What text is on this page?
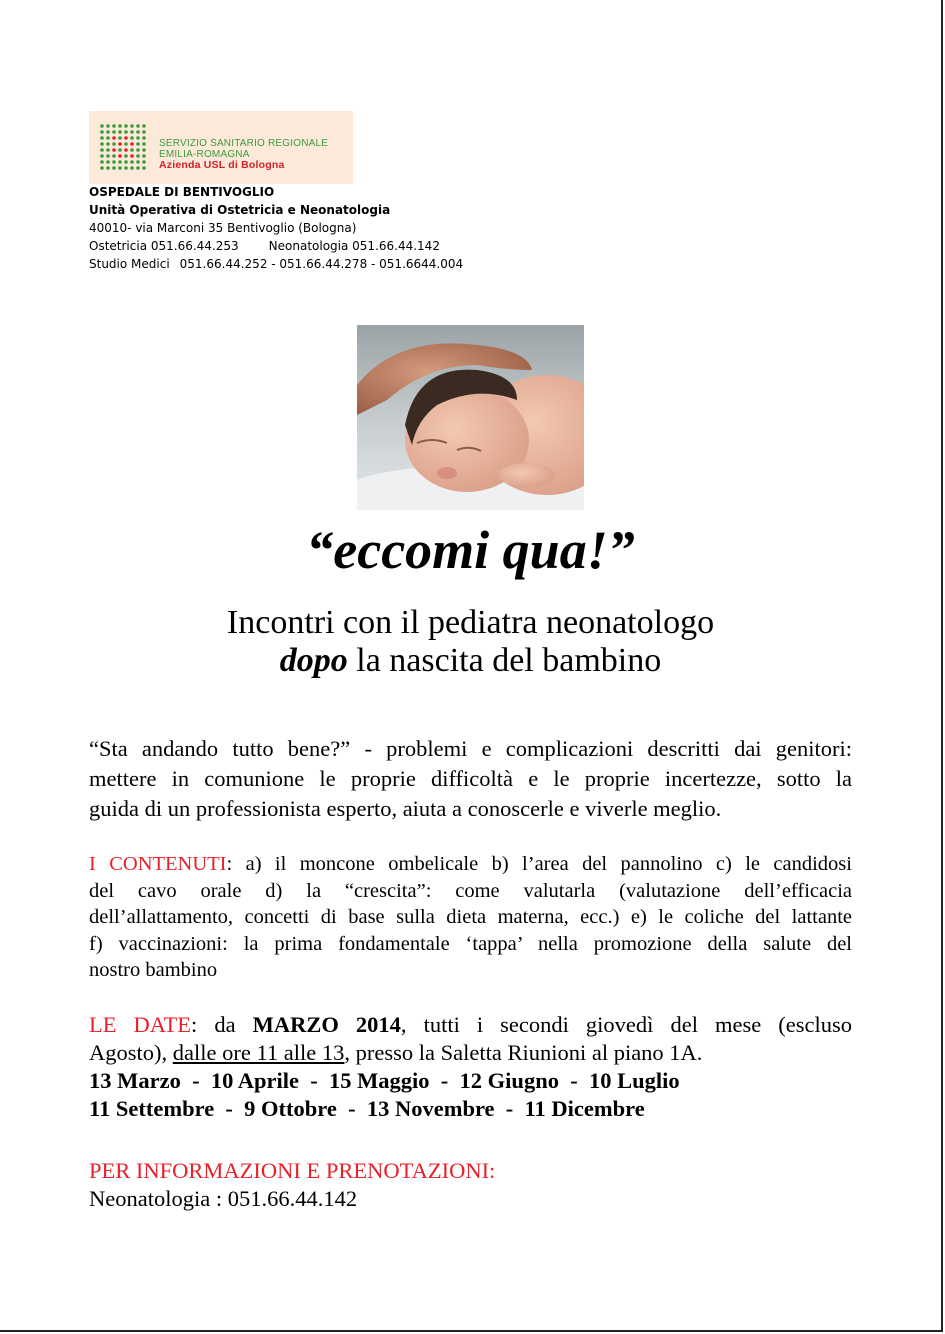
SERVIZIO SANITARIO REGIONALE
EMILIA-ROMAGNA
Azienda USL di Bologna
OSPEDALE DI BENTIVOGLIO
Unità Operativa di Ostetricia e Neonatologia
40010- via Marconi 35 Bentivoglio (Bologna)
Ostetricia 051.66.44.253	Neonatologia 051.66.44.142
Studio Medici 051.66.44.252 - 051.66.44.278 - 051.6644.004
“eccomi qua!”
Incontri con il pediatra neonatologo
dopo la nascita del bambino
“Sta andando tutto bene?” - problemi e complicazioni descritti dai genitori:
mettere in comunione le proprie difficoltà e le proprie incertezze, sotto la
guida di un professionista esperto, aiuta a conoscerle e viverle meglio.
I CONTENUTI: a) il moncone ombelicale b) l’area del pannolino c) le candidosi
del cavo orale d) la “crescita”: come valutarla (valutazione dell’efficacia
dell’allattamento, concetti di base sulla dieta materna, ecc.) e) le coliche del lattante
f) vaccinazioni: la prima fondamentale ‘tappa’ nella promozione della salute del
nostro bambino
LE DATE: da MARZO 2014, tutti i secondi giovedì del mese (escluso
Agosto), dalle ore 11 alle 13, presso la Saletta Riunioni al piano 1A.
13 Marzo  -  10 Aprile  -  15 Maggio  -  12 Giugno  -  10 Luglio
11 Settembre  -  9 Ottobre  -  13 Novembre  -  11 Dicembre
PER INFORMAZIONI E PRENOTAZIONI:
Neonatologia : 051.66.44.142
